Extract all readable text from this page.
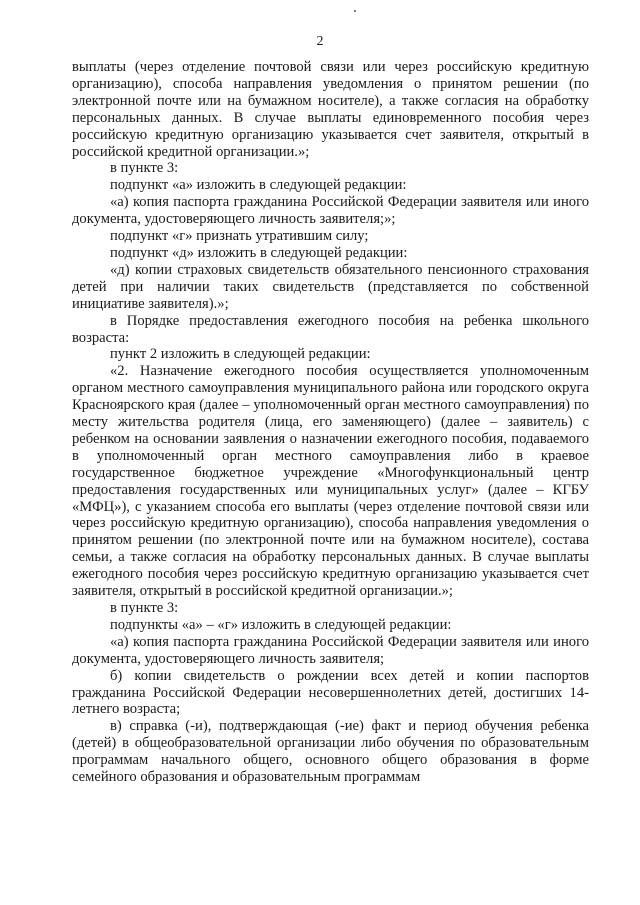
2

выплаты (через отделение почтовой связи или через российскую кредитную организацию), способа направления уведомления о принятом решении (по электронной почте или на бумажном носителе), а также согласия на обработку персональных данных. В случае выплаты единовременного пособия через российскую кредитную организацию указывается счет заявителя, открытый в российской кредитной организации.»;

в пункте 3:

подпункт «а» изложить в следующей редакции:

«а) копия паспорта гражданина Российской Федерации заявителя или иного документа, удостоверяющего личность заявителя;»;

подпункт «г» признать утратившим силу;

подпункт «д» изложить в следующей редакции:

«д) копии страховых свидетельств обязательного пенсионного страхования детей при наличии таких свидетельств (представляется по собственной инициативе заявителя).»;

в Порядке предоставления ежегодного пособия на ребенка школьного возраста:

пункт 2 изложить в следующей редакции:

«2. Назначение ежегодного пособия осуществляется уполномоченным органом местного самоуправления муниципального района или городского округа Красноярского края (далее – уполномоченный орган местного самоуправления) по месту жительства родителя (лица, его заменяющего) (далее – заявитель) с ребенком на основании заявления о назначении ежегодного пособия, подаваемого в уполномоченный орган местного самоуправления либо в краевое государственное бюджетное учреждение «Многофункциональный центр предоставления государственных или муниципальных услуг» (далее – КГБУ «МФЦ»), с указанием способа его выплаты (через отделение почтовой связи или через российскую кредитную организацию), способа направления уведомления о принятом решении (по электронной почте или на бумажном носителе), состава семьи, а также согласия на обработку персональных данных. В случае выплаты ежегодного пособия через российскую кредитную организацию указывается счет заявителя, открытый в российской кредитной организации.»;

в пункте 3:

подпункты «а» – «г» изложить в следующей редакции:

«а) копия паспорта гражданина Российской Федерации заявителя или иного документа, удостоверяющего личность заявителя;

б) копии свидетельств о рождении всех детей и копии паспортов гражданина Российской Федерации несовершеннолетних детей, достигших 14-летнего возраста;

в) справка (-и), подтверждающая (-ие) факт и период обучения ребенка (детей) в общеобразовательной организации либо обучения по образовательным программам начального общего, основного общего образования в форме семейного образования и образовательным программам
